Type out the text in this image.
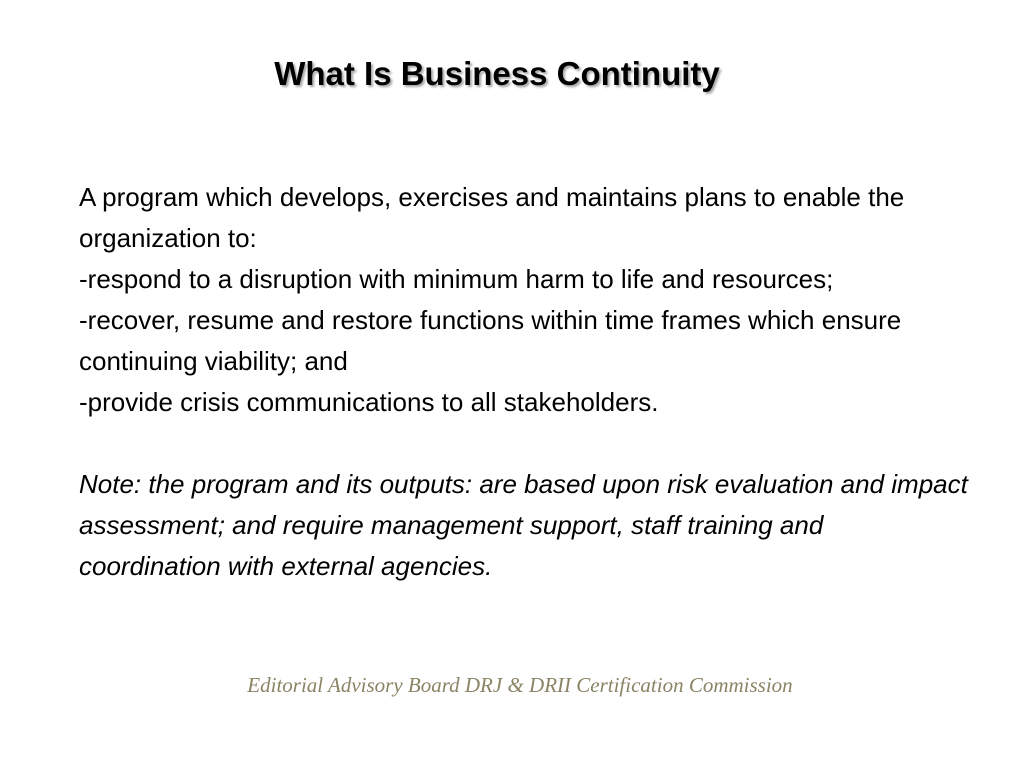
What Is Business Continuity

A program which develops, exercises and maintains plans to enable the organization to:

-respond to a disruption with minimum harm to life and resources;

-recover, resume and restore functions within time frames which ensure continuing viability; and

-provide crisis communications to all stakeholders.

Note: the program and its outputs: are based upon risk evaluation and impact assessment; and require management support, staff training and coordination with external agencies.

Editorial Advisory Board DRJ & DRII Certification Commission
